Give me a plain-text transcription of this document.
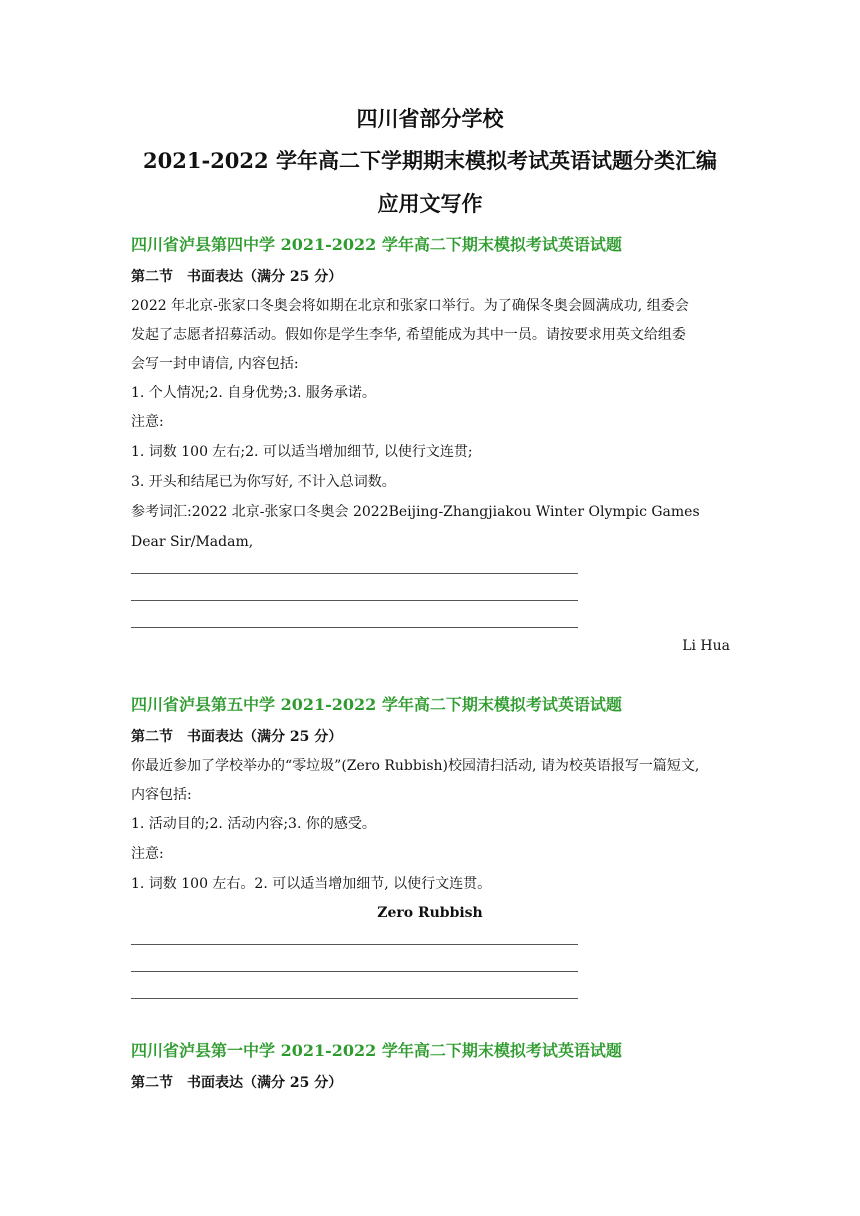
四川省部分学校
2021-2022 学年高二下学期期末模拟考试英语试题分类汇编
应用文写作
四川省泸县第四中学 2021-2022 学年高二下期末模拟考试英语试题
第二节　书面表达（满分 25 分）
2022 年北京-张家口冬奥会将如期在北京和张家口举行。为了确保冬奥会圆满成功, 组委会
发起了志愿者招募活动。假如你是学生李华, 希望能成为其中一员。请按要求用英文给组委
会写一封申请信, 内容包括:
1. 个人情况;2. 自身优势;3. 服务承诺。
注意:
1. 词数 100 左右;2. 可以适当增加细节, 以使行文连贯;
3. 开头和结尾已为你写好, 不计入总词数。
参考词汇:2022 北京-张家口冬奥会 2022Beijing-Zhangjiakou Winter Olympic Games
Dear Sir/Madam,
Li Hua
四川省泸县第五中学 2021-2022 学年高二下期末模拟考试英语试题
第二节　书面表达（满分 25 分）
你最近参加了学校举办的“零垃圾”(Zero Rubbish)校园清扫活动, 请为校英语报写一篇短文,
内容包括:
1. 活动目的;2. 活动内容;3. 你的感受。
注意:
1. 词数 100 左右。2. 可以适当增加细节, 以使行文连贯。
Zero Rubbish
四川省泸县第一中学 2021-2022 学年高二下期末模拟考试英语试题
第二节　书面表达（满分 25 分）
